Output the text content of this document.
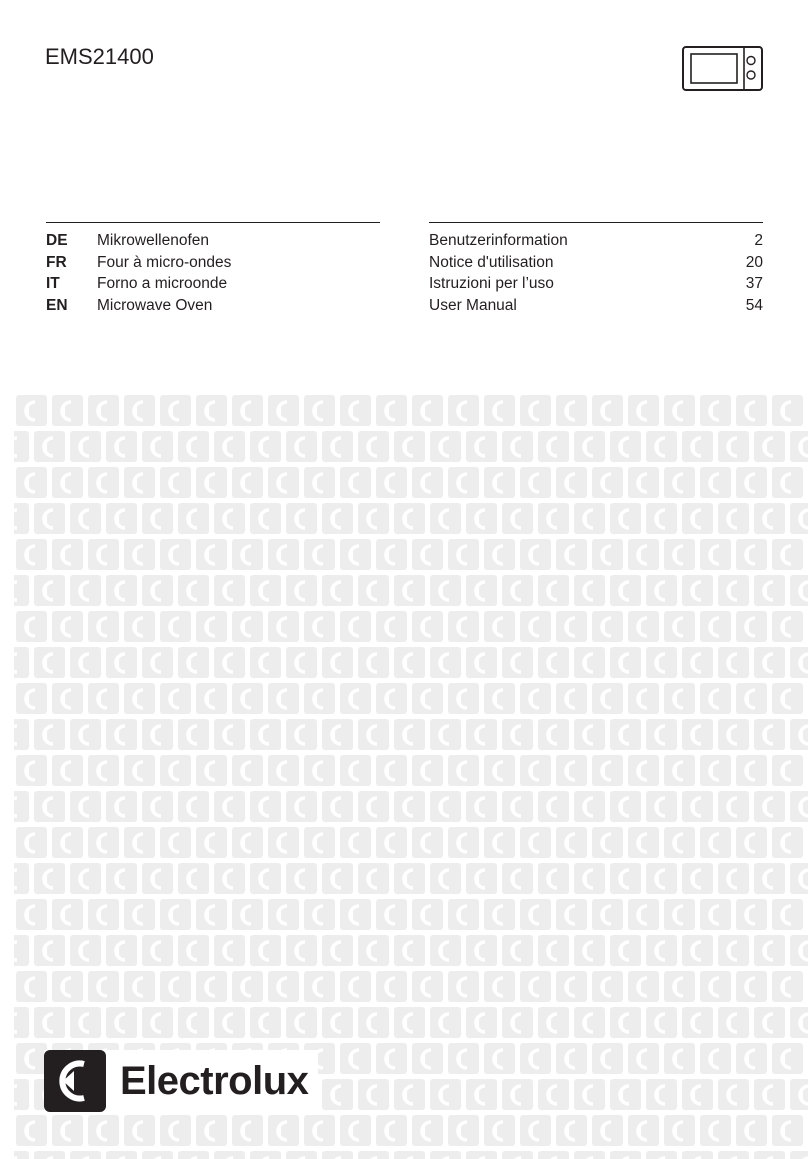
EMS21400
DE	Mikrowellenofen
FR	Four à micro-ondes
IT	Forno a microonde
EN	Microwave Oven
Benutzerinformation	2
Notice d'utilisation	20
Istruzioni per l’uso	37
User Manual	54
Electrolux
